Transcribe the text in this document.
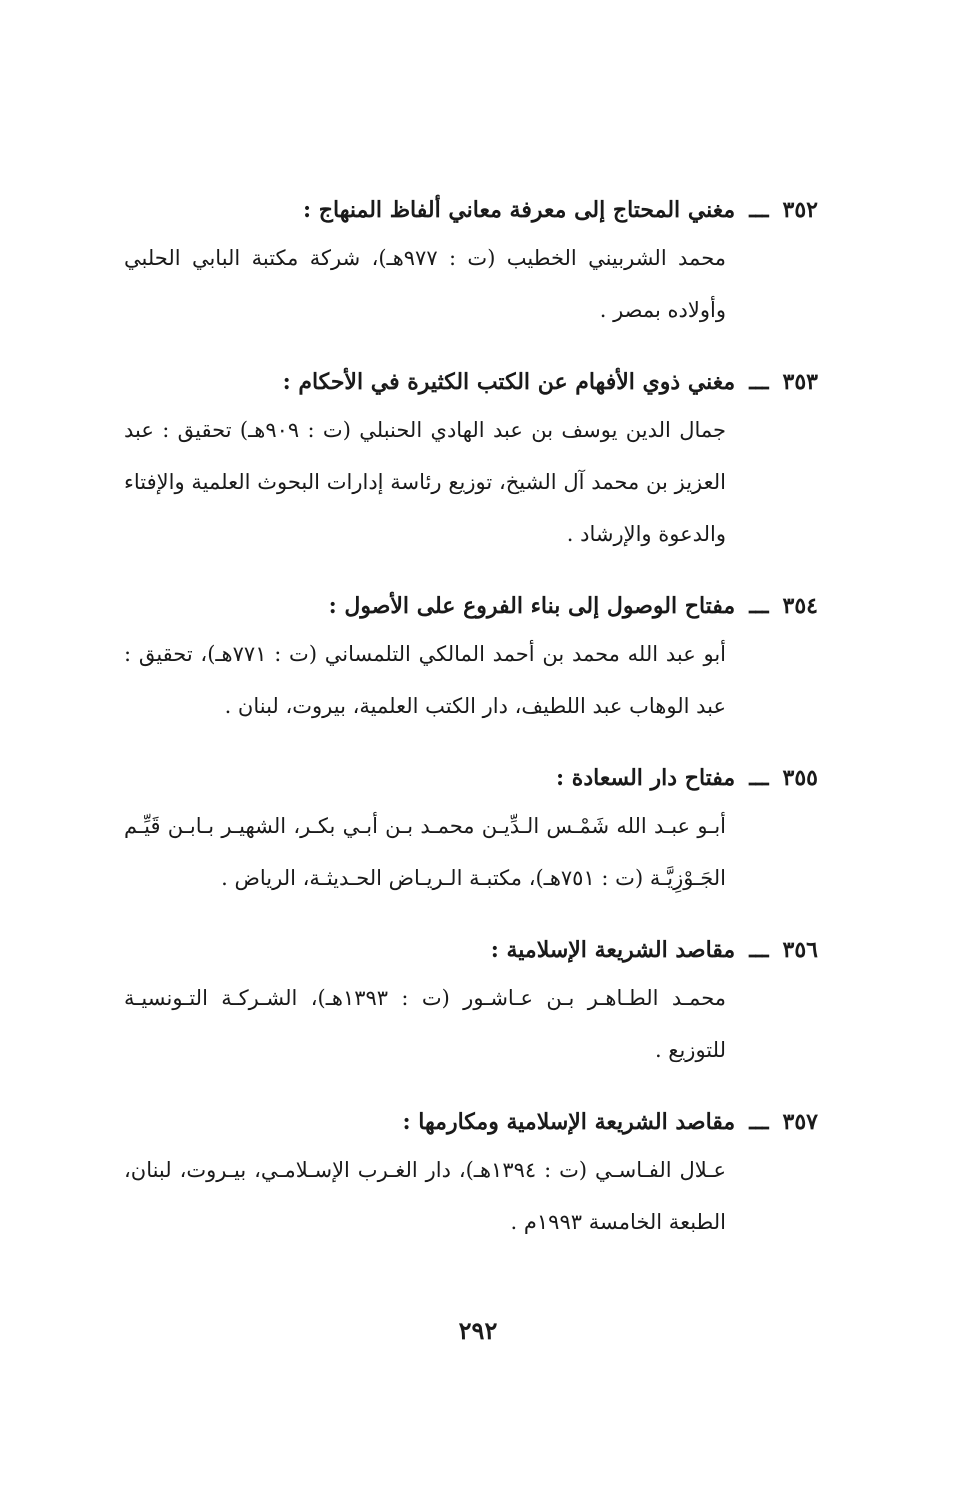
٣٥٢
ـــ
مغني المحتاج إلى معرفة معاني ألفاظ المنهاج :
محمد الشربيني الخطيب (ت : ٩٧٧هـ)، شركة مكتبة البابي الحلبي وأولاده بمصر .
٣٥٣
ـــ
مغني ذوي الأفهام عن الكتب الكثيرة في الأحكام :
جمال الدين يوسف بن عبد الهادي الحنبلي (ت : ٩٠٩هـ) تحقيق : عبد العزيز بن محمد آل الشيخ، توزيع رئاسة إدارات البحوث العلمية والإفتاء والدعوة والإرشاد .
٣٥٤
ـــ
مفتاح الوصول إلى بناء الفروع على الأصول :
أبو عبد الله محمد بن أحمد المالكي التلمساني (ت : ٧٧١هـ)، تحقيق : عبد الوهاب عبد اللطيف، دار الكتب العلمية، بيروت، لبنان .
٣٥٥
ـــ
مفتاح دار السعادة :
أبـو عبـد الله شَمْـس الـدِّيـن محمـد بـن أبـي بكـر، الشهيـر بـابـن قَيِّـم الجَـوْزِيَّـة (ت : ٧٥١هـ)، مكتبـة الـريـاض الحـديثـة، الرياض .
٣٥٦
ـــ
مقاصد الشريعة الإسلامية :
محمـد الطـاهـر بـن عـاشـور (ت : ١٣٩٣هـ)، الشـركـة التـونسيـة للتوزيع .
٣٥٧
ـــ
مقاصد الشريعة الإسلامية ومكارمها :
عـلال الفـاسـي (ت : ١٣٩٤هـ)، دار الغـرب الإسـلامـي، بيـروت، لبنان، الطبعة الخامسة ١٩٩٣م .
٢٩٢
